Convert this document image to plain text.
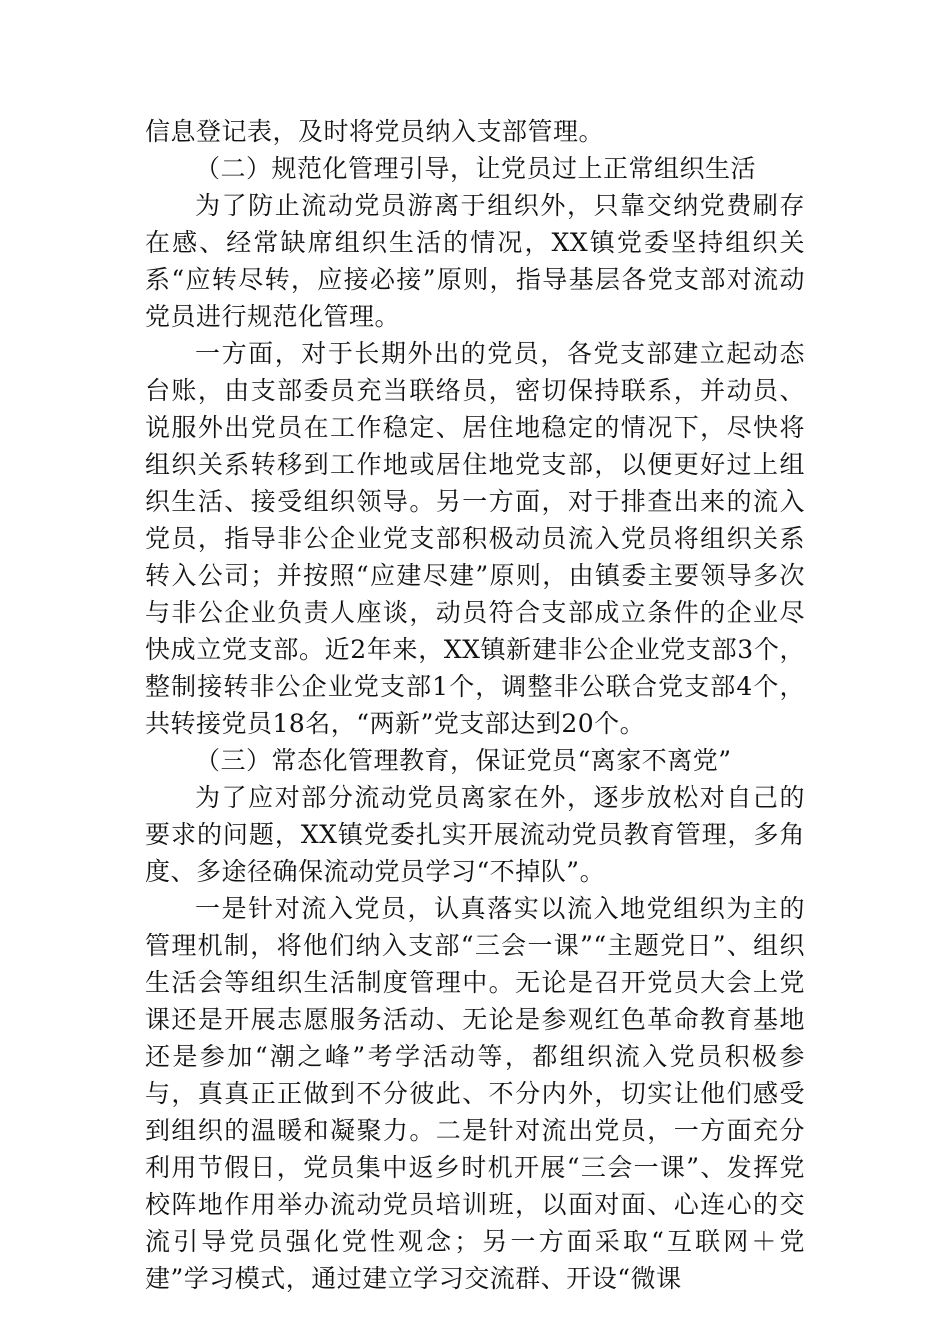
信息登记表，及时将党员纳入支部管理。

（二）规范化管理引导，让党员过上正常组织生活

为了防止流动党员游离于组织外，只靠交纳党费刷存在感、经常缺席组织生活的情况，XX镇党委坚持组织关系“应转尽转，应接必接”原则，指导基层各党支部对流动党员进行规范化管理。

一方面，对于长期外出的党员，各党支部建立起动态台账，由支部委员充当联络员，密切保持联系，并动员、说服外出党员在工作稳定、居住地稳定的情况下，尽快将组织关系转移到工作地或居住地党支部，以便更好过上组织生活、接受组织领导。另一方面，对于排查出来的流入党员，指导非公企业党支部积极动员流入党员将组织关系转入公司；并按照“应建尽建”原则，由镇委主要领导多次与非公企业负责人座谈，动员符合支部成立条件的企业尽快成立党支部。近2年来，XX镇新建非公企业党支部3个，整制接转非公企业党支部1个，调整非公联合党支部4个，共转接党员18名，“两新”党支部达到20个。

（三）常态化管理教育，保证党员“离家不离党”

为了应对部分流动党员离家在外，逐步放松对自己的要求的问题，XX镇党委扎实开展流动党员教育管理，多角度、多途径确保流动党员学习“不掉队”。

一是针对流入党员，认真落实以流入地党组织为主的管理机制，将他们纳入支部“三会一课”“主题党日”、组织生活会等组织生活制度管理中。无论是召开党员大会上党课还是开展志愿服务活动、无论是参观红色革命教育基地还是参加“潮之峰”考学活动等，都组织流入党员积极参与，真真正正做到不分彼此、不分内外，切实让他们感受到组织的温暖和凝聚力。二是针对流出党员，一方面充分利用节假日，党员集中返乡时机开展“三会一课”、发挥党校阵地作用举办流动党员培训班，以面对面、心连心的交流引导党员强化党性观念；另一方面采取“互联网＋党建”学习模式，通过建立学习交流群、开设“微课
